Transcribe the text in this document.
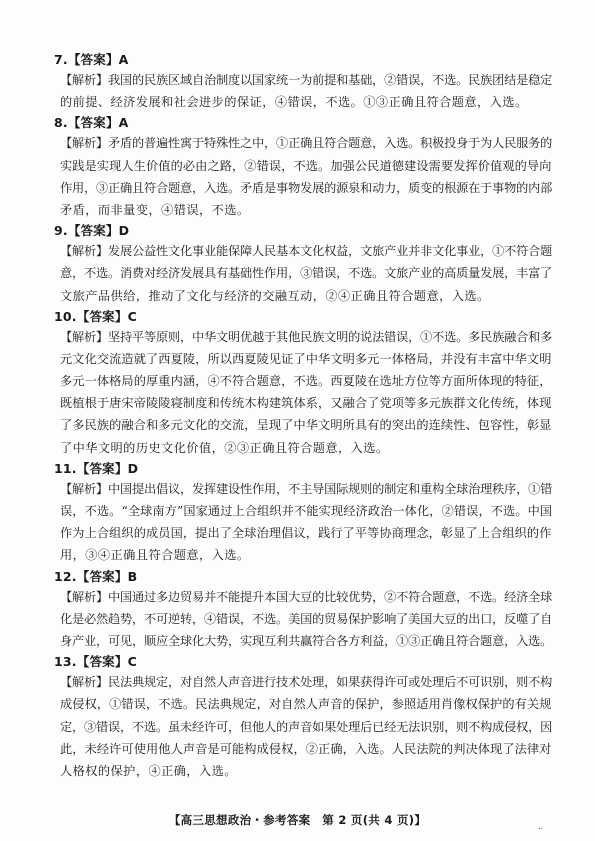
7.【答案】A
【解析】我国的民族区域自治制度以国家统一为前提和基础，②错误，不选。民族团结是稳定
的前提、经济发展和社会进步的保证，④错误，不选。①③正确且符合题意，入选。
8.【答案】A
【解析】矛盾的普遍性寓于特殊性之中，①正确且符合题意，入选。积极投身于为人民服务的
实践是实现人生价值的必由之路，②错误，不选。加强公民道德建设需要发挥价值观的导向
作用，③正确且符合题意，入选。矛盾是事物发展的源泉和动力，质变的根源在于事物的内部
矛盾，而非量变，④错误，不选。
9.【答案】D
【解析】发展公益性文化事业能保障人民基本文化权益，文旅产业并非文化事业，①不符合题
意，不选。消费对经济发展具有基础性作用，③错误，不选。文旅产业的高质量发展，丰富了
文旅产品供给，推动了文化与经济的交融互动，②④正确且符合题意，入选。
10.【答案】C
【解析】坚持平等原则，中华文明优越于其他民族文明的说法错误，①不选。多民族融合和多
元文化交流造就了西夏陵，所以西夏陵见证了中华文明多元一体格局，并没有丰富中华文明
多元一体格局的厚重内涵，④不符合题意，不选。西夏陵在选址方位等方面所体现的特征，
既植根于唐宋帝陵陵寝制度和传统木构建筑体系，又融合了党项等多元族群文化传统，体现
了多民族的融合和多元文化的交流，呈现了中华文明所具有的突出的连续性、包容性，彰显
了中华文明的历史文化价值，②③正确且符合题意，入选。
11.【答案】D
【解析】中国提出倡议，发挥建设性作用，不主导国际规则的制定和重构全球治理秩序，①错
误，不选。“全球南方”国家通过上合组织并不能实现经济政治一体化，②错误，不选。中国
作为上合组织的成员国，提出了全球治理倡议，践行了平等协商理念，彰显了上合组织的作
用，③④正确且符合题意，入选。
12.【答案】B
【解析】中国通过多边贸易并不能提升本国大豆的比较优势，②不符合题意，不选。经济全球
化是必然趋势，不可逆转，④错误，不选。美国的贸易保护影响了美国大豆的出口，反噬了自
身产业，可见，顺应全球化大势，实现互利共赢符合各方利益，①③正确且符合题意，入选。
13.【答案】C
【解析】民法典规定，对自然人声音进行技术处理，如果获得许可或处理后不可识别，则不构
成侵权，①错误，不选。民法典规定，对自然人声音的保护，参照适用肖像权保护的有关规
定，③错误，不选。虽未经许可，但他人的声音如果处理后已经无法识别，则不构成侵权，因
此，未经许可使用他人声音是可能构成侵权，②正确，入选。人民法院的判决体现了法律对
人格权的保护，④正确，入选。
【高三思想政治・参考答案　第 2 页(共 4 页)】	..
